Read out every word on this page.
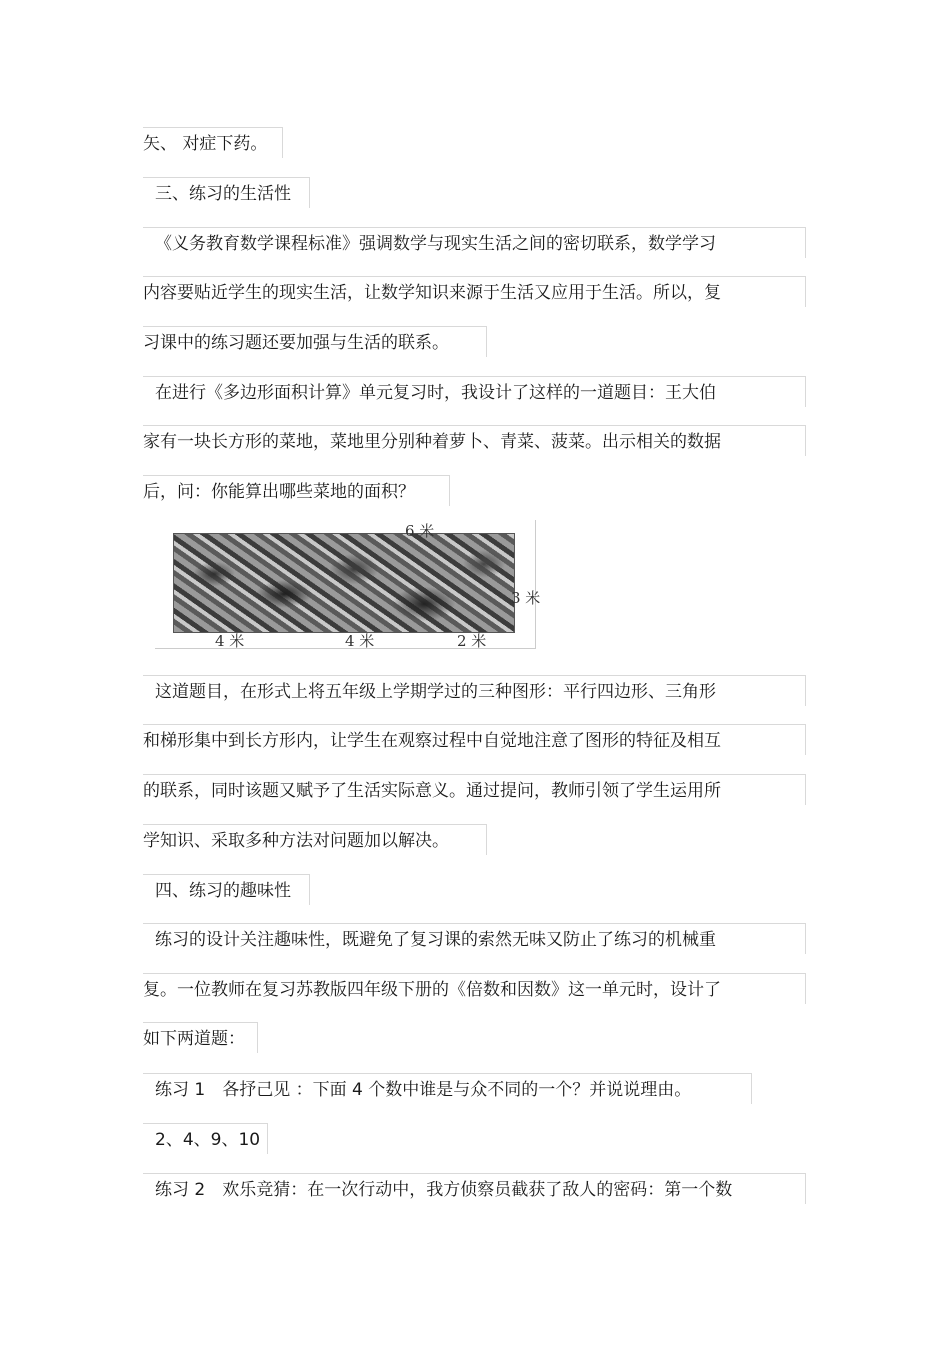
矢、 对症下药。
三、练习的生活性
《义务教育数学课程标准》强调数学与现实生活之间的密切联系，数学学习
内容要贴近学生的现实生活，让数学知识来源于生活又应用于生活。所以，复
习课中的练习题还要加强与生活的联系。
在进行《多边形面积计算》单元复习时，我设计了这样的一道题目：王大伯
家有一块长方形的菜地，菜地里分别种着萝卜、青菜、菠菜。出示相关的数据
后，问：你能算出哪些菜地的面积？
6 米
3 米
4 米	4 米	2 米
这道题目，在形式上将五年级上学期学过的三种图形：平行四边形、三角形
和梯形集中到长方形内，让学生在观察过程中自觉地注意了图形的特征及相互
的联系，同时该题又赋予了生活实际意义。通过提问，教师引领了学生运用所
学知识、采取多种方法对问题加以解决。
四、练习的趣味性
练习的设计关注趣味性，既避免了复习课的索然无味又防止了练习的机械重
复。一位教师在复习苏教版四年级下册的《倍数和因数》这一单元时，设计了
如下两道题：
练习 1　各抒己见 ：下面 4 个数中谁是与众不同的一个？并说说理由。
2、4、9、10
练习 2　欢乐竞猜：在一次行动中，我方侦察员截获了敌人的密码：第一个数
